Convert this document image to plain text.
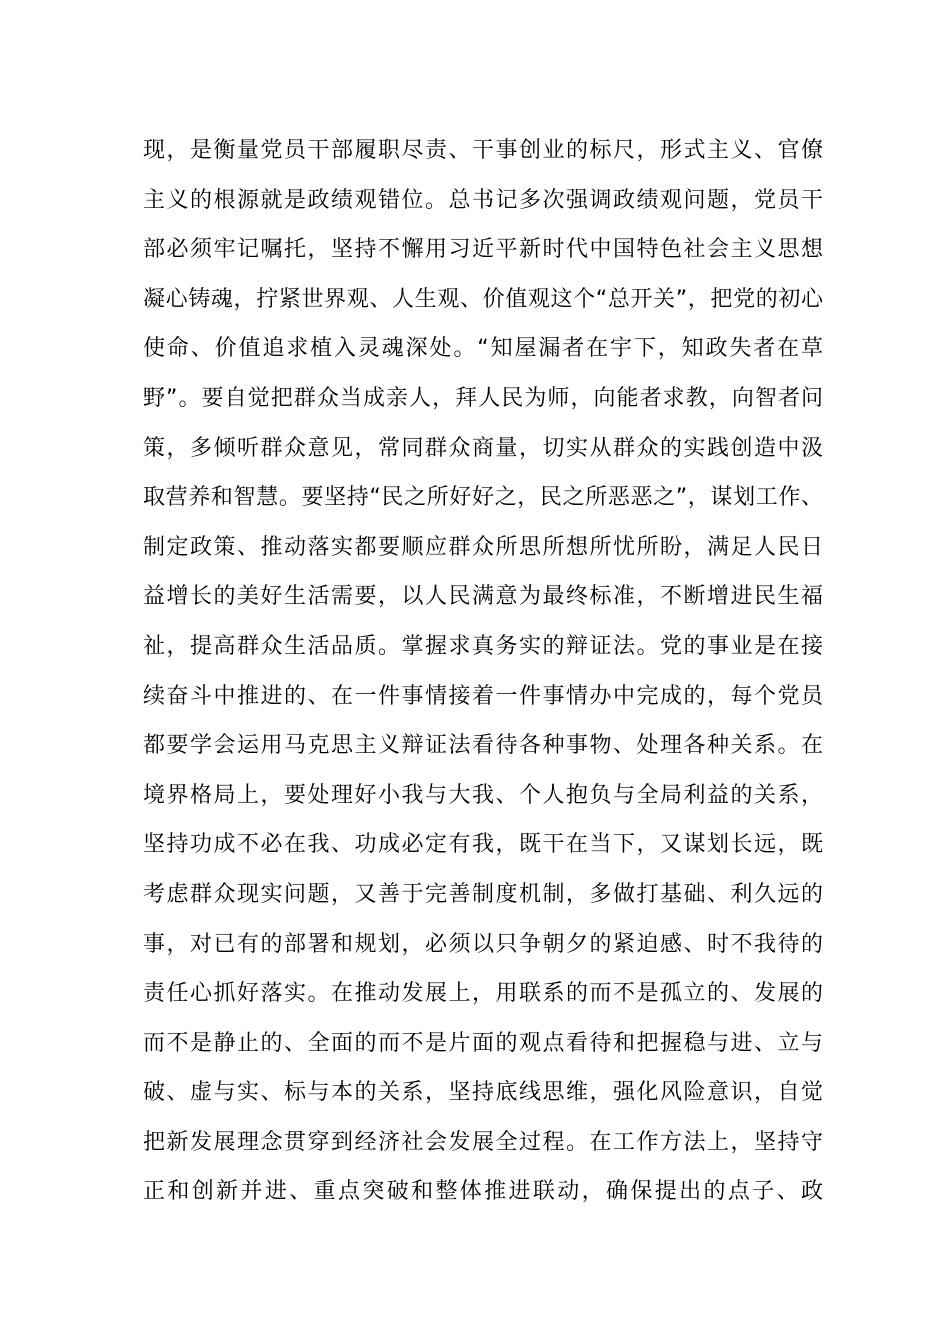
现，是衡量党员干部履职尽责、干事创业的标尺，形式主义、官僚
主义的根源就是政绩观错位。总书记多次强调政绩观问题，党员干
部必须牢记嘱托，坚持不懈用习近平新时代中国特色社会主义思想
凝心铸魂，拧紧世界观、人生观、价值观这个“总开关”，把党的初心
使命、价值追求植入灵魂深处。“知屋漏者在宇下，知政失者在草
野”。要自觉把群众当成亲人，拜人民为师，向能者求教，向智者问
策，多倾听群众意见，常同群众商量，切实从群众的实践创造中汲
取营养和智慧。要坚持“民之所好好之，民之所恶恶之”，谋划工作、
制定政策、推动落实都要顺应群众所思所想所忧所盼，满足人民日
益增长的美好生活需要，以人民满意为最终标准，不断增进民生福
祉，提高群众生活品质。掌握求真务实的辩证法。党的事业是在接
续奋斗中推进的、在一件事情接着一件事情办中完成的，每个党员
都要学会运用马克思主义辩证法看待各种事物、处理各种关系。在
境界格局上，要处理好小我与大我、个人抱负与全局利益的关系，
坚持功成不必在我、功成必定有我，既干在当下，又谋划长远，既
考虑群众现实问题，又善于完善制度机制，多做打基础、利久远的
事，对已有的部署和规划，必须以只争朝夕的紧迫感、时不我待的
责任心抓好落实。在推动发展上，用联系的而不是孤立的、发展的
而不是静止的、全面的而不是片面的观点看待和把握稳与进、立与
破、虚与实、标与本的关系，坚持底线思维，强化风险意识，自觉
把新发展理念贯穿到经济社会发展全过程。在工作方法上，坚持守
正和创新并进、重点突破和整体推进联动，确保提出的点子、政
